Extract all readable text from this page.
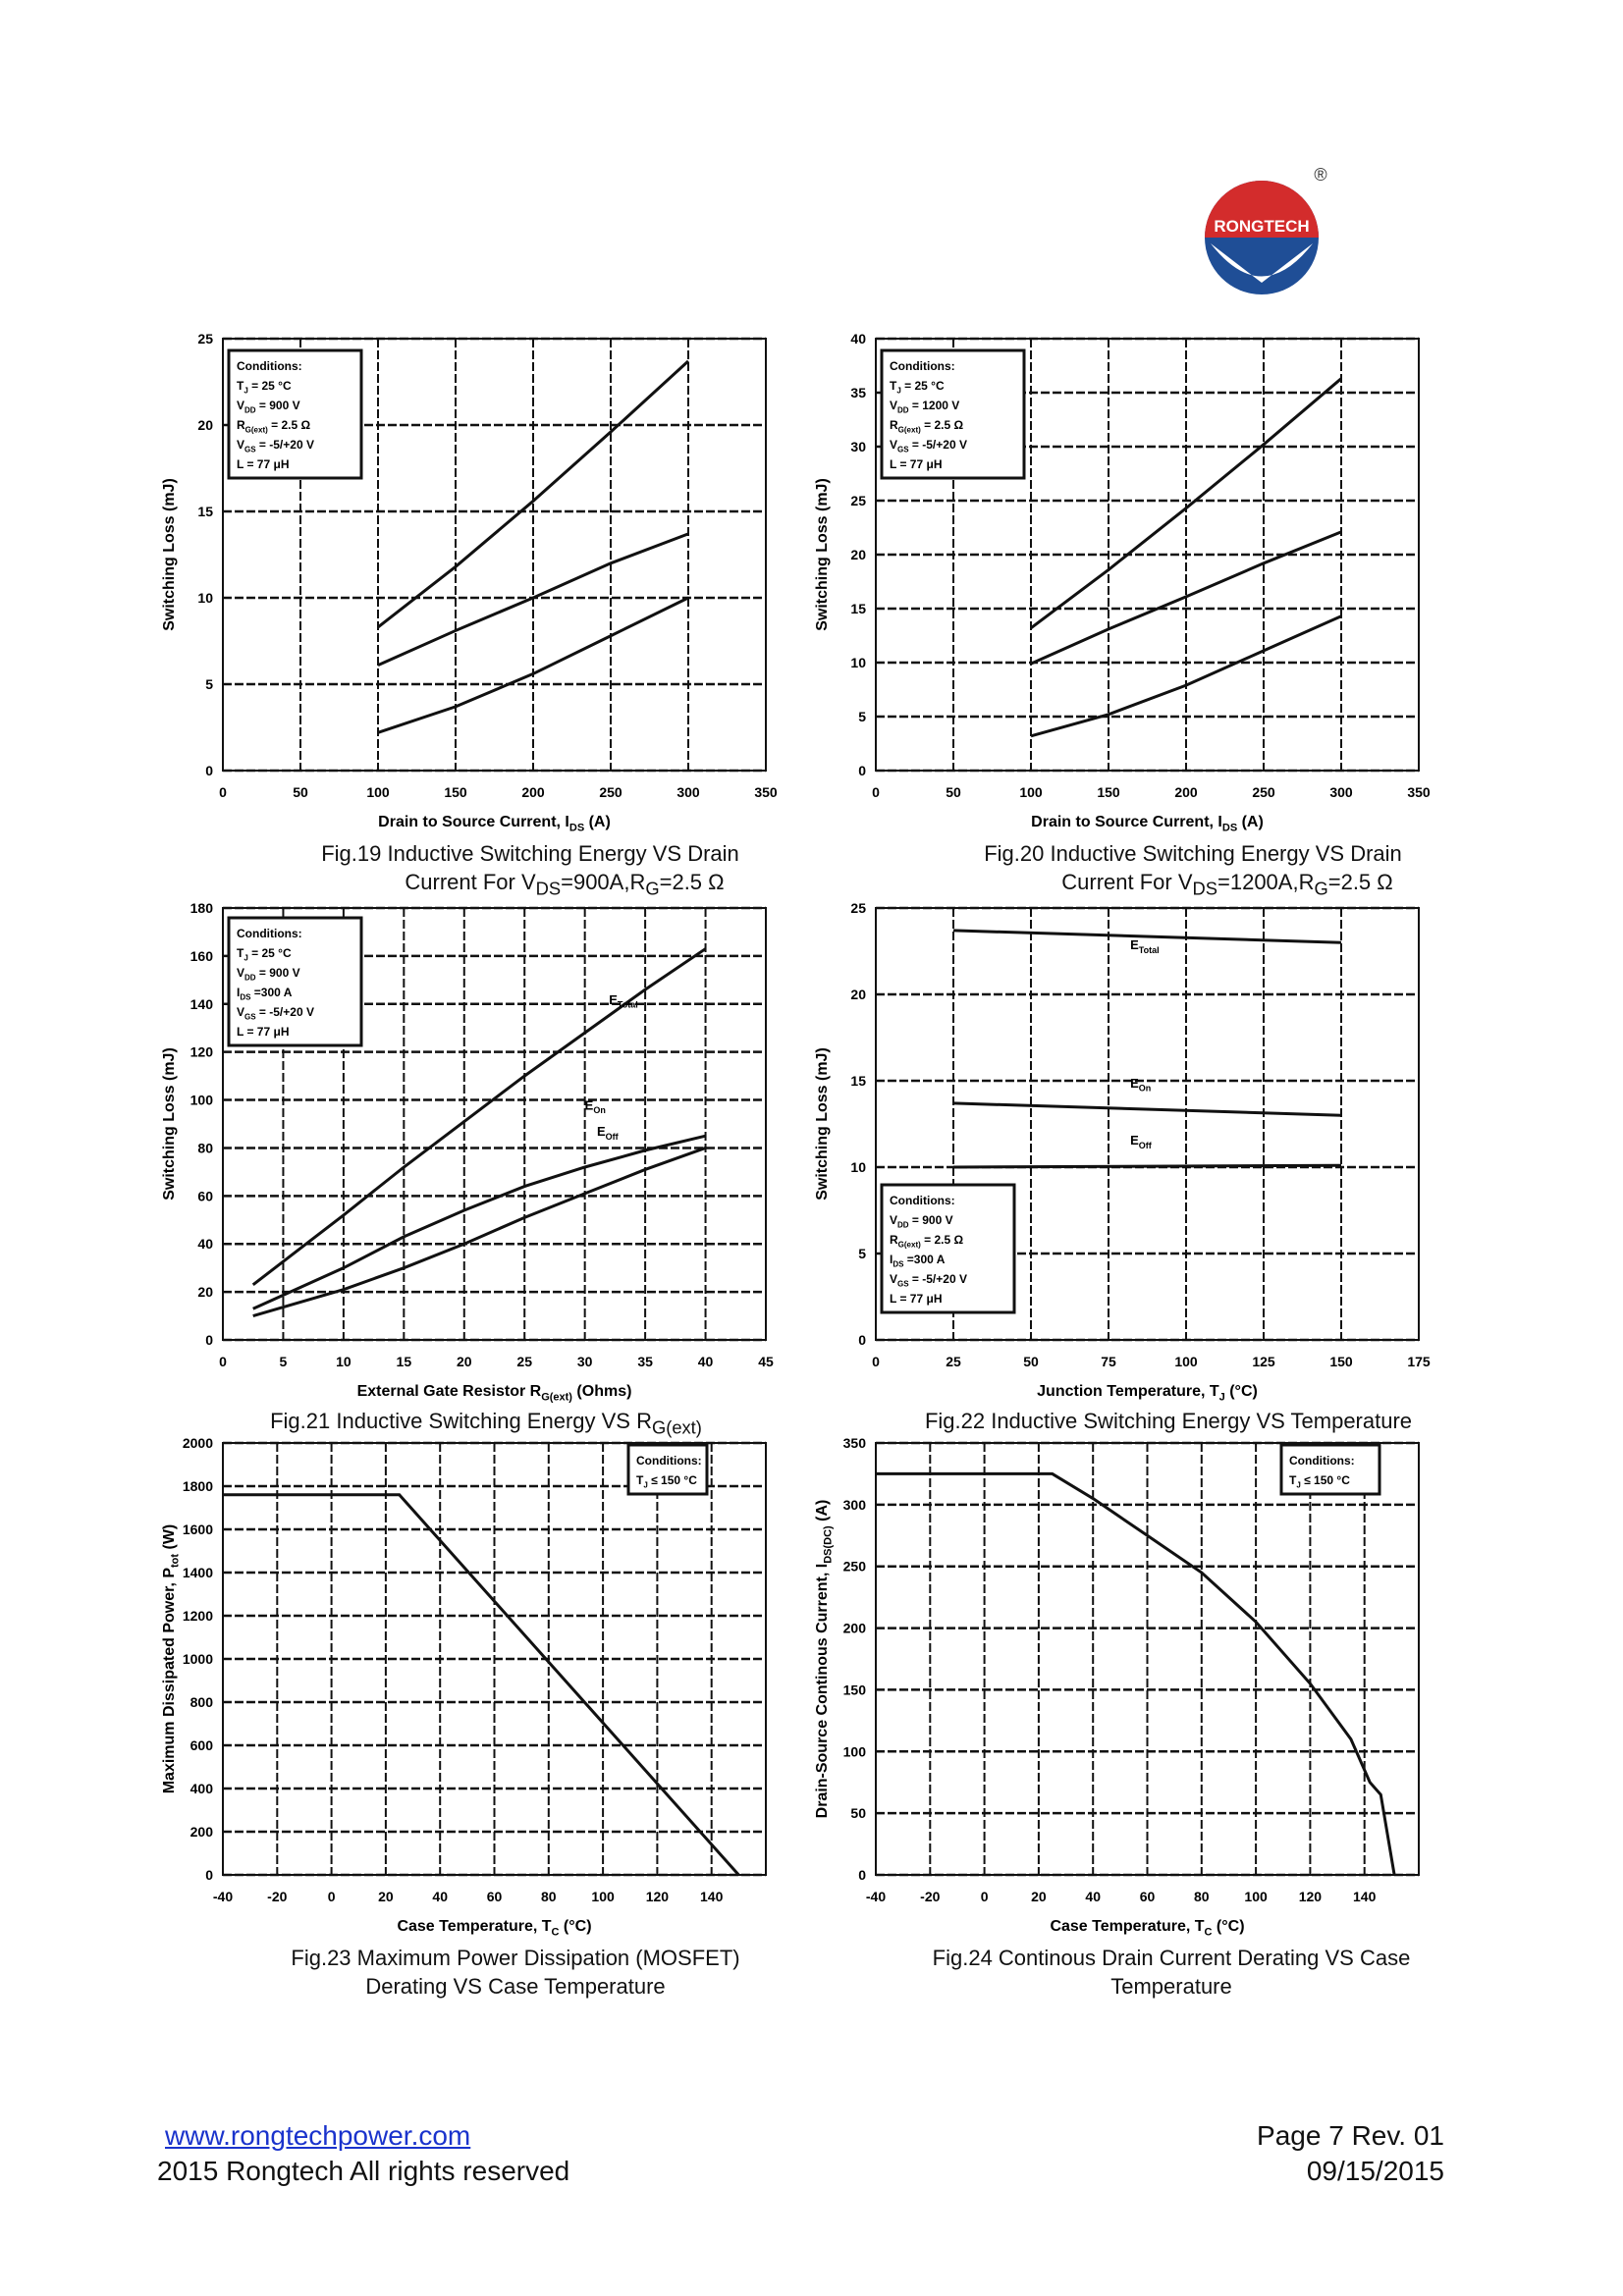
RONGTECH
®
0	50	100	150	200	250	300	350
0
5
10
15
20
25
Drain to Source Current, $I_{DS}$ (A)
Switching Loss (mJ)
Conditions:
$T_J = 25$ °C
$V_{DD} = 900$ V
$R_{G(ext)} = 2.5$ Ω
$V_{GS} = -5/+20$ V
L = 77 μH
0	50	100	150	200	250	300	350
0
5
10
15
20
25
30
35
40
Drain to Source Current, $I_{DS}$ (A)
Switching Loss (mJ)
Conditions:
$T_J = 25$ °C
$V_{DD} = 1200$ V
$R_{G(ext)} = 2.5$ Ω
$V_{GS} = -5/+20$ V
L = 77 μH
0	5	10	15	20	25	30	35	40	45
0
20
40
60
80
100
120
140
160
180
External Gate Resistor $R_{G(ext)}$ (Ohms)
Switching Loss (mJ)
$E_{Total}$
$E_{On}$
$E_{Off}$
Conditions:
$T_J = 25$ °C
$V_{DD} = 900$ V
$I_{DS} =300$ A
$V_{GS} = -5/+20$ V
L = 77 μH
0	25	50	75	100	125	150	175
0
5
10
15
20
25
Junction Temperature, $T_J$ (°C)
Switching Loss (mJ)
$E_{Total}$
$E_{On}$
$E_{Off}$
Conditions:
$V_{DD} = 900$ V
$R_{G(ext)} = 2.5$ Ω
$I_{DS} =300$ A
$V_{GS} = -5/+20$ V
L = 77 μH
-40	-20	0	20	40	60	80	100 120 140
0
200
400
600
800
1000
1200
1400
1600
1800
2000
Case Temperature, $T_C$ (°C)
Maximum Dissipated Power, $P_{tot}$ (W)
Conditions:
$T_J \le 150$ °C
-40	-20	0	20	40	60	80	100 120 140
0
50
100
150
200
250
300
350
Case Temperature, $T_C$ (°C)
Drain-Source Continous Current, $I_{DS(DC)}$ (A)
Conditions:
$T_J \le 150$ °C
Fig.19 Inductive Switching Energy VS Drain
Current For $V_{DS}=900A,R_G=2.5$ Ω
Fig.20 Inductive Switching Energy VS Drain
Current For $V_{DS}=1200A,R_G=2.5$ Ω
Fig.21 Inductive Switching Energy VS $R_{G(ext)}$	Fig.22 Inductive Switching Energy VS Temperature
Fig.23 Maximum Power Dissipation (MOSFET)
Derating VS Case Temperature
Fig.24 Continous Drain Current Derating VS Case
Temperature
www.rongtechpower.com
2015 Rongtech All rights reserved
Page 7 Rev. 01
09/15/2015
